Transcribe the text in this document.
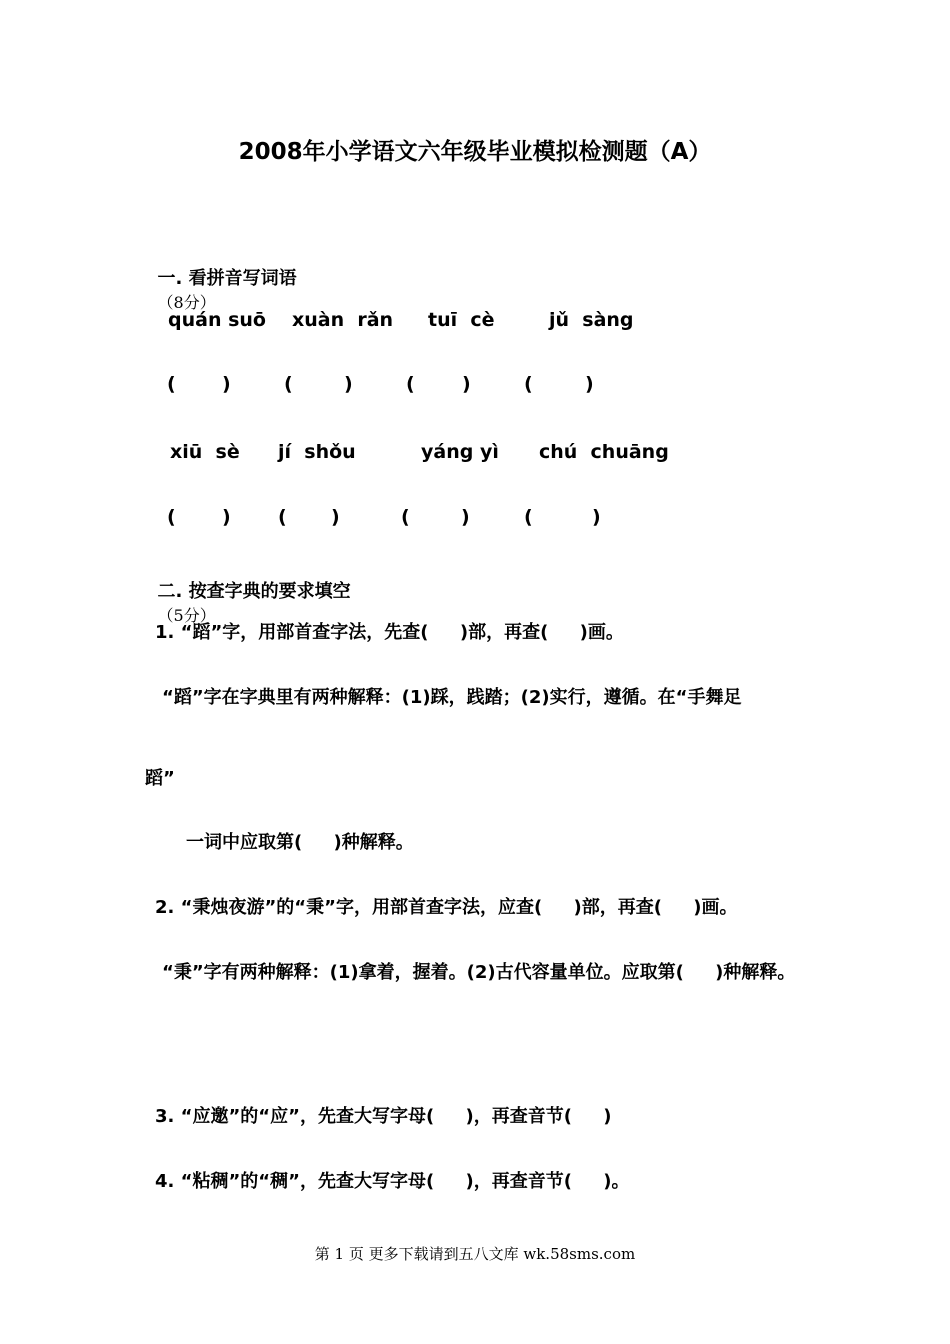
2008年小学语文六年级毕业模拟检测题（A）

一. 看拼音写词语
（8分）

quán suō xuàn  rǎn tuī  cè	jǔ  sàng
( )	(	)	( )	(	)
xiū  sè jí  shǒu	yáng yì chú  chuāng
( ) ( )	(	)	(	)

二. 按查字典的要求填空
（5分）

1. “蹈”字，用部首查字法，先查(     )部，再查(     )画。
“蹈”字在字典里有两种解释：(1)踩，践踏；(2)实行，遵循。在“手舞足
蹈”
一词中应取第(     )种解释。
2. “秉烛夜游”的“秉”字，用部首查字法，应查(     )部，再查(     )画。
“秉”字有两种解释：(1)拿着，握着。(2)古代容量单位。应取第(     )种解释。
3. “应邀”的“应”，先查大写字母(     )，再查音节(     )
4. “粘稠”的“稠”，先查大写字母(     )，再查音节(     )。
第 1 页 更多下载请到五八文库 wk.58sms.com
